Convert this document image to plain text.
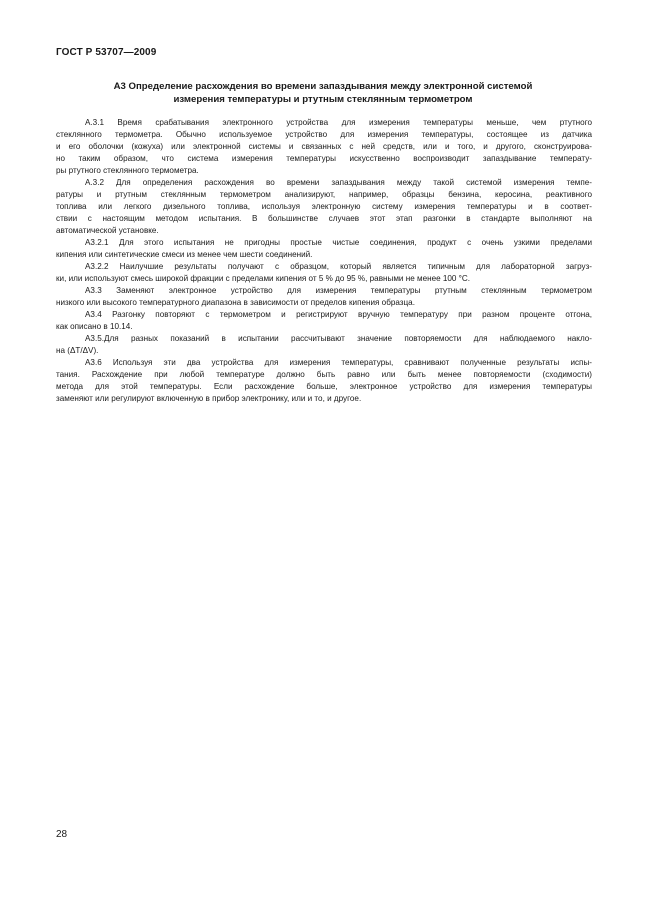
ГОСТ Р 53707—2009
А3 Определение расхождения во времени запаздывания между электронной системой
измерения температуры и ртутным стеклянным термометром
А.3.1 Время срабатывания электронного устройства для измерения температуры меньше, чем ртутного
стеклянного термометра. Обычно используемое устройство для измерения температуры, состоящее из датчика
и его оболочки (кожуха) или электронной системы и связанных с ней средств, или и того, и другого, сконструирова-
но таким образом, что система измерения температуры искусственно воспроизводит запаздывание температу-
ры ртутного стеклянного термометра.
А.3.2 Для определения расхождения во времени запаздывания между такой системой измерения темпе-
ратуры и ртутным стеклянным термометром анализируют, например, образцы бензина, керосина, реактивного
топлива или легкого дизельного топлива, используя электронную систему измерения температуры и в соответ-
ствии с настоящим методом испытания. В большинстве случаев этот этап разгонки в стандарте выполняют на
автоматической установке.
А3.2.1 Для этого испытания не пригодны простые чистые соединения, продукт с очень узкими пределами
кипения или синтетические смеси из менее чем шести соединений.
А3.2.2 Наилучшие результаты получают с образцом, который является типичным для лабораторной загруз-
ки, или используют смесь широкой фракции с пределами кипения от 5 % до 95 %, равными не менее 100 °С.
А3.3 Заменяют электронное устройство для измерения температуры ртутным стеклянным термометром
низкого или высокого температурного диапазона в зависимости от пределов кипения образца.
А3.4 Разгонку повторяют с термометром и регистрируют вручную температуру при разном проценте отгона,
как описано в 10.14.
А3.5.Для разных показаний в испытании рассчитывают значение повторяемости для наблюдаемого накло-
на (ΔT/ΔV).
А3.6 Используя эти два устройства для измерения температуры, сравнивают полученные результаты испы-
тания. Расхождение при любой температуре должно быть равно или быть менее повторяемости (сходимости)
метода для этой температуры. Если расхождение больше, электронное устройство для измерения температуры
заменяют или регулируют включенную в прибор электронику, или и то, и другое.
28
